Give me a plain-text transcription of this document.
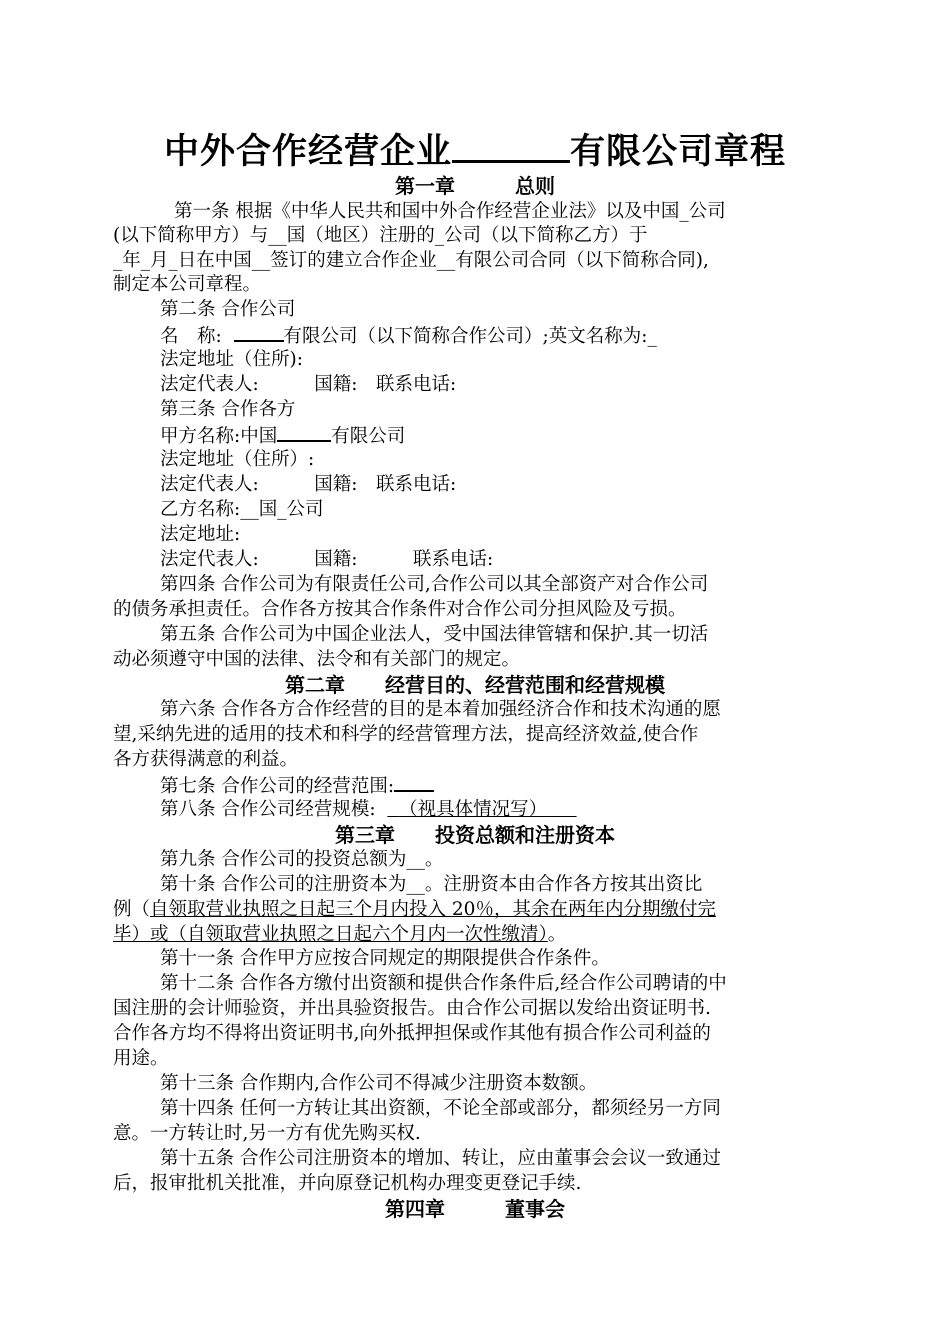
中外合作经营企业	有限公司章程
第一章　　　总则
第一条 根据《中华人民共和国中外合作经营企业法》以及中国_公司
(以下简称甲方）与__国（地区）注册的_公司（以下简称乙方）于
_年_月_日在中国__签订的建立合作企业__有限公司合同（以下简称合同),
制定本公司章程。
第二条 合作公司
名　称:	有限公司（以下简称合作公司）;英文名称为:_
法定地址（住所):
法定代表人:　　　国籍:　联系电话:
第三条 合作各方
甲方名称:中国	有限公司
法定地址（住所）:
法定代表人:　　　国籍:　联系电话:
乙方名称:__国_公司
法定地址:
法定代表人:　　　国籍:　　　联系电话:
第四条 合作公司为有限责任公司,合作公司以其全部资产对合作公司
的债务承担责任。合作各方按其合作条件对合作公司分担风险及亏损。
第五条 合作公司为中国企业法人，受中国法律管辖和保护.其一切活
动必须遵守中国的法律、法令和有关部门的规定。
第二章　　经营目的、经营范围和经营规模
第六条 合作各方合作经营的目的是本着加强经济合作和技术沟通的愿
望,采纳先进的适用的技术和科学的经营管理方法，提高经济效益,使合作
各方获得满意的利益。
第七条 合作公司的经营范围:
第八条 合作公司经营规模: （视具体情况写）
第三章　　投资总额和注册资本
第九条 合作公司的投资总额为__。
第十条 合作公司的注册资本为__。注册资本由合作各方按其出资比
例（自领取营业执照之日起三个月内投入 20％，其余在两年内分期缴付完
毕）或（自领取营业执照之日起六个月内一次性缴清）。
第十一条 合作甲方应按合同规定的期限提供合作条件。
第十二条 合作各方缴付出资额和提供合作条件后,经合作公司聘请的中
国注册的会计师验资，并出具验资报告。由合作公司据以发给出资证明书.
合作各方均不得将出资证明书,向外抵押担保或作其他有损合作公司利益的
用途。
第十三条 合作期内,合作公司不得减少注册资本数额。
第十四条 任何一方转让其出资额，不论全部或部分，都须经另一方同
意。一方转让时,另一方有优先购买权.
第十五条 合作公司注册资本的增加、转让，应由董事会会议一致通过
后，报审批机关批准，并向原登记机构办理变更登记手续.
第四章　　　董事会
